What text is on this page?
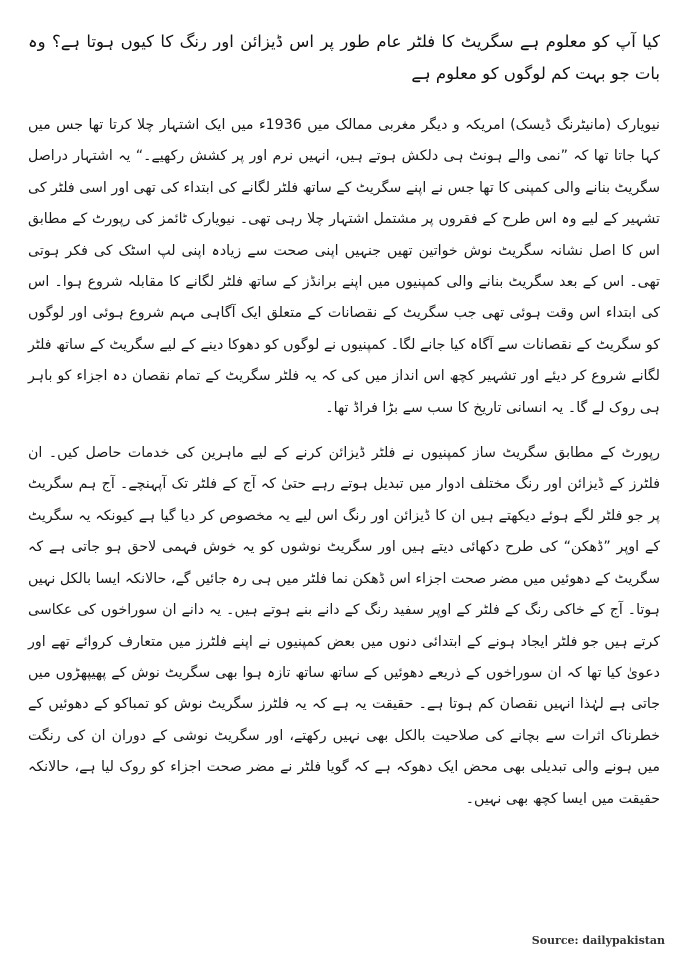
کیا آپ کو معلوم ہے سگریٹ کا فلٹر عام طور پر اس ڈیزائن اور رنگ کا کیوں ہوتا ہے؟ وہ بات جو بہت کم لوگوں کو معلوم ہے

نیویارک (مانیٹرنگ ڈیسک) امریکہ و دیگر مغربی ممالک میں 1936ء میں ایک اشتہار چلا کرتا تھا جس میں کہا جاتا تھا کہ ”نمی والے ہونٹ ہی دلکش ہوتے ہیں، انہیں نرم اور پر کشش رکھیے۔“ یہ اشتہار دراصل سگریٹ بنانے والی کمپنی کا تھا جس نے اپنے سگریٹ کے ساتھ فلٹر لگانے کی ابتداء کی تھی اور اسی فلٹر کی تشہیر کے لیے وہ اس طرح کے فقروں پر مشتمل اشتہار چلا رہی تھی۔ نیویارک ٹائمز کی رپورٹ کے مطابق اس کا اصل نشانہ سگریٹ نوش خواتین تھیں جنہیں اپنی صحت سے زیادہ اپنی لپ اسٹک کی فکر ہوتی تھی۔ اس کے بعد سگریٹ بنانے والی کمپنیوں میں اپنے برانڈز کے ساتھ فلٹر لگانے کا مقابلہ شروع ہوا۔ اس کی ابتداء اس وقت ہوئی تھی جب سگریٹ کے نقصانات کے متعلق ایک آگاہی مہم شروع ہوئی اور لوگوں کو سگریٹ کے نقصانات سے آگاہ کیا جانے لگا۔ کمپنیوں نے لوگوں کو دھوکا دینے کے لیے سگریٹ کے ساتھ فلٹر لگانے شروع کر دیئے اور تشہیر کچھ اس انداز میں کی کہ یہ فلٹر سگریٹ کے تمام نقصان دہ اجزاء کو باہر ہی روک لے گا۔ یہ انسانی تاریخ کا سب سے بڑا فراڈ تھا۔

رپورٹ کے مطابق سگریٹ ساز کمپنیوں نے فلٹر ڈیزائن کرنے کے لیے ماہرین کی خدمات حاصل کیں۔ ان فلٹرز کے ڈیزائن اور رنگ مختلف ادوار میں تبدیل ہوتے رہے حتیٰ کہ آج کے فلٹر تک آپہنچے۔ آج ہم سگریٹ پر جو فلٹر لگے ہوئے دیکھتے ہیں ان کا ڈیزائن اور رنگ اس لیے یہ مخصوص کر دیا گیا ہے کیونکہ یہ سگریٹ کے اوپر ”ڈھکن“ کی طرح دکھائی دیتے ہیں اور سگریٹ نوشوں کو یہ خوش فہمی لاحق ہو جاتی ہے کہ سگریٹ کے دھوئیں میں مضر صحت اجزاء اس ڈھکن نما فلٹر میں ہی رہ جائیں گے، حالانکہ ایسا بالکل نہیں ہوتا۔ آج کے خاکی رنگ کے فلٹر کے اوپر سفید رنگ کے دانے بنے ہوتے ہیں۔ یہ دانے ان سوراخوں کی عکاسی کرتے ہیں جو فلٹر ایجاد ہونے کے ابتدائی دنوں میں بعض کمپنیوں نے اپنے فلٹرز میں متعارف کروائے تھے اور دعویٰ کیا تھا کہ ان سوراخوں کے ذریعے دھوئیں کے ساتھ ساتھ تازہ ہوا بھی سگریٹ نوش کے پھیپھڑوں میں جاتی ہے لہٰذا انہیں نقصان کم ہوتا ہے۔ حقیقت یہ ہے کہ یہ فلٹرز سگریٹ نوش کو تمباکو کے دھوئیں کے خطرناک اثرات سے بچانے کی صلاحیت بالکل بھی نہیں رکھتے، اور سگریٹ نوشی کے دوران ان کی رنگت میں ہونے والی تبدیلی بھی محض ایک دھوکہ ہے کہ گویا فلٹر نے مضر صحت اجزاء کو روک لیا ہے، حالانکہ حقیقت میں ایسا کچھ بھی نہیں۔

Source: dailypakistan
